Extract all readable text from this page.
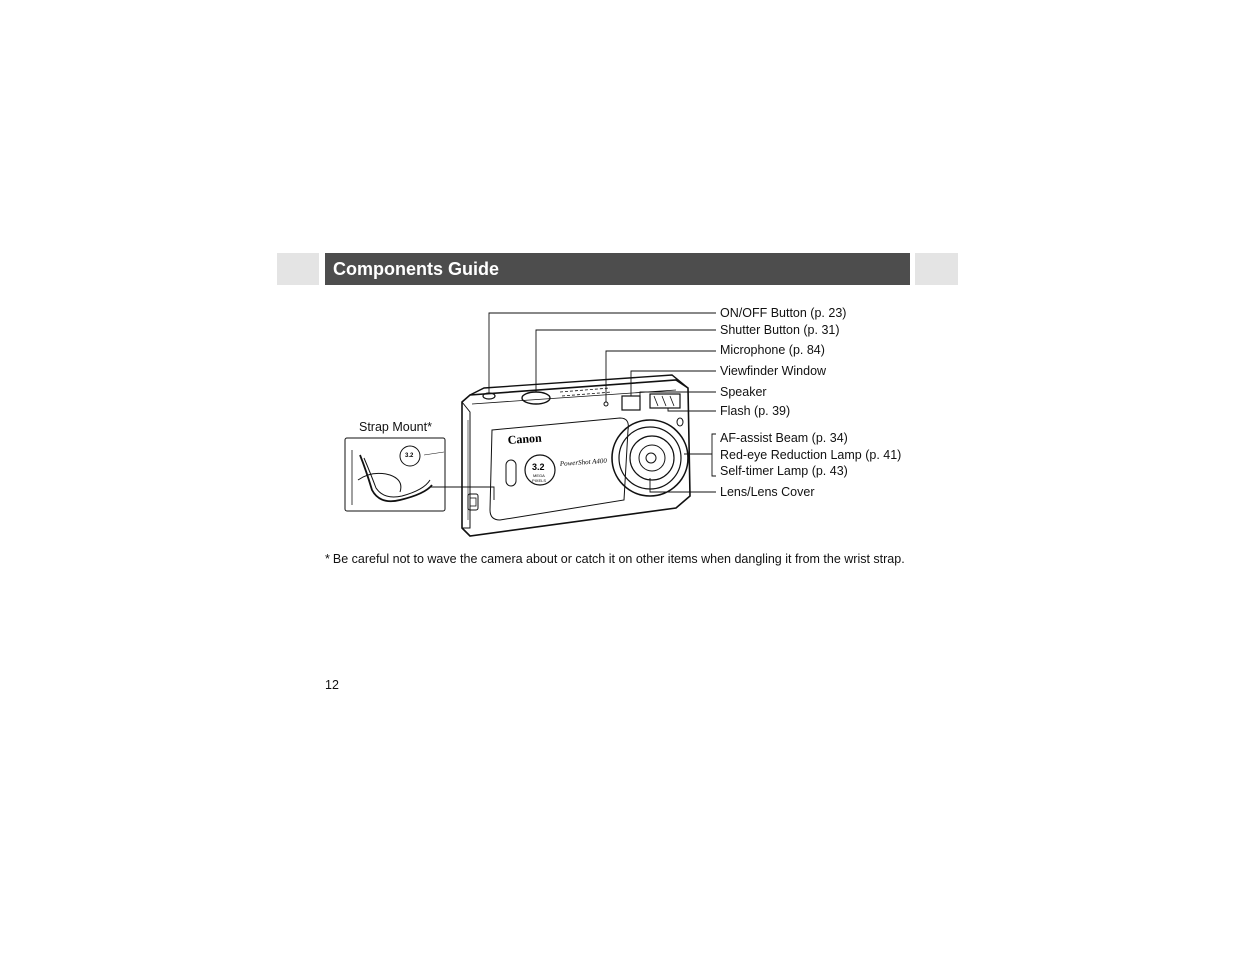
Components Guide
Canon
PowerShot A400
3.2
MEGA
PIXELS
3.2
ON/OFF Button (p. 23)
Shutter Button (p. 31)
Microphone (p. 84)
Viewfinder Window
Speaker
Flash (p. 39)
AF-assist Beam (p. 34)
Red-eye Reduction Lamp (p. 41)
Self-timer Lamp (p. 43)
Lens/Lens Cover
Strap Mount*
* Be careful not to wave the camera about or catch it on other items when dangling it from the wrist strap.
12
